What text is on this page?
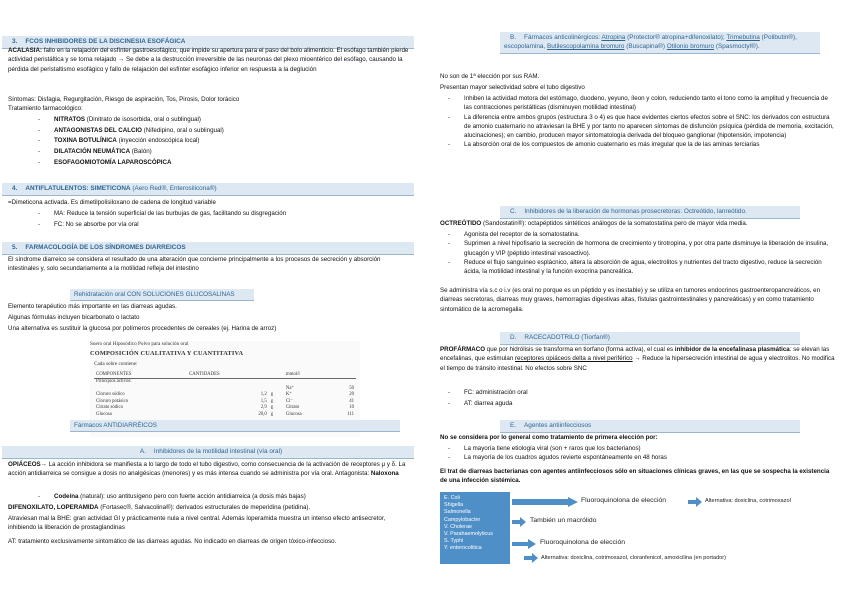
3. FCOS INHIBIDORES DE LA DISCINESIA ESOFÁGICA
ACALASIA: fallo en la relajación del esfínter gastroesofágico, que impide su apertura para el paso del bolo alimenticio. El esófago también pierde actividad peristáltica y se torna relajado → Se debe a la destrucción irreversible de las neuronas del plexo mioentérico del esófago, causando la pérdida del peristaltismo esofágico y fallo de relajación del esfínter esofágico inferior en respuesta a la deglución
Síntomas: Disfagia, Regurgitación, Riesgo de aspiración, Tos, Pirosis, Dolor torácico
Tratamiento farmacológico:
- NITRATOS (Dinitrato de isosorbida, oral o sublingual)
- ANTAGONISTAS DEL CALCIO (Nifedipino, oral o sublingual)
- TOXINA BOTULÍNICA (inyección endoscópica local)
- DILATACIÓN NEUMÁTICA (Balón)
- ESOFAGOMIOTOMÍA LAPAROSCÓPICA
4. ANTIFLATULENTOS: SIMETICONA (Aero Red®, Enterosilicona®)
=Dimeticona activada. Es dimetilpolisiloxano de cadena de longitud variable
- MA: Reduce la tensión superficial de las burbujas de gas, facilitando su disgregación
- FC: No se absorbe por vía oral
5. FARMACOLOGÍA DE LOS SÍNDROMES DIARREICOS
El síndrome diarreico se considera el resultado de una alteración que concierne principalmente a los procesos de secreción y absorción intestinales y, solo secundariamente a la motilidad refleja del intestino
Rehidratación oral CON SOLUCIONES GLUCOSALINAS
Elemento terapéutico más importante en las diarreas agudas.
Algunas fórmulas incluyen bicarbonato o lactato
Una alternativa es sustituir la glucosa por polímeros procedentes de cereales (ej. Harina de arroz)
Suero oral Hiposódico Polvo para solución oral
COMPOSICIÓN CUALITATIVA Y CUANTITATIVA
Cada sobre contiene:
COMPONENTES	CANTIDADES		mmol/l	
Principios activos:				
			Na⁺	50
Cloruro sódico	1,2	g	K⁺	20
Cloruro potásico	1,5	g	Cl⁻	41
Citrato sódico	2,9	g	Citrato	10
Glucosa	20,0	g	Glucosa	111
Fármacos ANTIDIARRÉICOS
A. Inhibidores de la motilidad intestinal (vía oral)
OPIÁCEOS→ La acción inhibidora se manifiesta a lo largo de todo el tubo digestivo, como consecuencia de la activación de receptores μ y δ. La acción antidiarreica se consigue a dosis no analgésicas (menores) y es más intensa cuando se administra por vía oral. Antagonista: Naloxona
- Codeína (natural): uso antitusígeno pero con fuerte acción antidiarreica (a dosis más bajas)
DIFENOXILATO, LOPERAMIDA (Fortasec®, Salvacolina®): derivados estructurales de meperidina (petidina).
Atraviesan mal la BHE: gran actividad GI y prácticamente nula a nivel central. Además loperamida muestra un intenso efecto antisecretor, inhibiendo la liberación de prostaglandinas
AT: tratamiento exclusivamente sintomático de las diarreas agudas. No indicado en diarreas de origen tóxico-infeccioso.
B. Fármacos anticolinérgicos: Atropina (Protector® atropina+difenoxilato); Trimebutina (Polibutin®), escopolamina, Butilescopolamina bromuro (Buscapina®) Otilonio bromuro (Spasmoctyl®).
No son de 1ª elección por sus RAM.
Presentan mayor selectividad sobre el tubo digestivo
- Inhiben la actividad motora del estómago, duodeno, yeyuno, íleon y colon, reduciendo tanto el tono como la amplitud y frecuencia de las contracciones peristálticas (disminuyen motilidad intestinal)
- La diferencia entre ambos grupos (estructura 3 o 4) es que hace evidentes ciertos efectos sobre el SNC: los derivados con estructura de amonio cuaternario no atraviesan la BHE y por tanto no aparecen síntomas de disfunción psíquica (pérdida de memoria, excitación, alucinaciones); en cambio, producen mayor sintomatología derivada del bloqueo ganglionar (hipotensión, impotencia)
- La absorción oral de los compuestos de amonio cuaternario es más irregular que la de las aminas terciarias
C. Inhibidores de la liberación de hormonas prosecretoras: Octreótido, lanreótido.
OCTREÓTIDO (Sandostatin®): octapéptidos sintéticos análogos de la somatostatina pero de mayor vida media.
- Agonista del receptor de la somatostatina.
- Suprimen a nivel hipofisario la secreción de hormona de crecimiento y tirotropina, y por otra parte disminuye la liberación de insulina, glucagón y VIP (péptido intestinal vasoactivo).
- Reduce el flujo sanguíneo esplácnico, altera la absorción de agua, electrolitos y nutrientes del tracto digestivo, reduce la secreción ácida, la motilidad intestinal y la función exocrina pancreática.
Se administra vía s.c o i.v (es oral no porque es un péptido y es inestable) y se utiliza en tumores endocrinos gastroenteropancreáticos, en diarreas secretoras, diarreas muy graves, hemorragias digestivas altas, fístulas gastrointestinales y pancreáticas) y en como tratamiento sintomático de la acromegalia.
D. RACECADOTRILO (Tiorfan®)
PROFÁRMACO que por hidrólisis se transforma en tiorfano (forma activa), el cual es inhibidor de la encefalinasa plasmática: se elevan las encefalinas, que estimulan receptores opiáceos delta a nivel periférico → Reduce la hipersecreción intestinal de agua y electrolitos. No modifica el tiempo de tránsito intestinal. No efectos sobre SNC
- FC: administración oral
- AT: diarrea aguda
E. Agentes antiinfecciosos
No se considera por lo general como tratamiento de primera elección por:
- La mayoría tiene etiología viral (son + raros que los bacterianos)
- La mayoría de los cuadros agudos revierte espontáneamente en 48 horas
El trat de diarreas bacterianas con agentes antiinfecciosos sólo en situaciones clínicas graves, en las que se sospecha la existencia de una infección sistémica.
E. Coli
Shigella
Salmonella
Campylobacter
V. Cholerae
V. Parahaemolyticus
S. Typhi
Y. enterocolitica
Fluoroquinolona de elección	Alternativa: doxiclina, cotrimoxazol
También un macrólido
Fluoroquinolona de elección
Alternativa: doxiclina, cotrimoxazol, cloranfenicol, amoxicilina (en portador)
